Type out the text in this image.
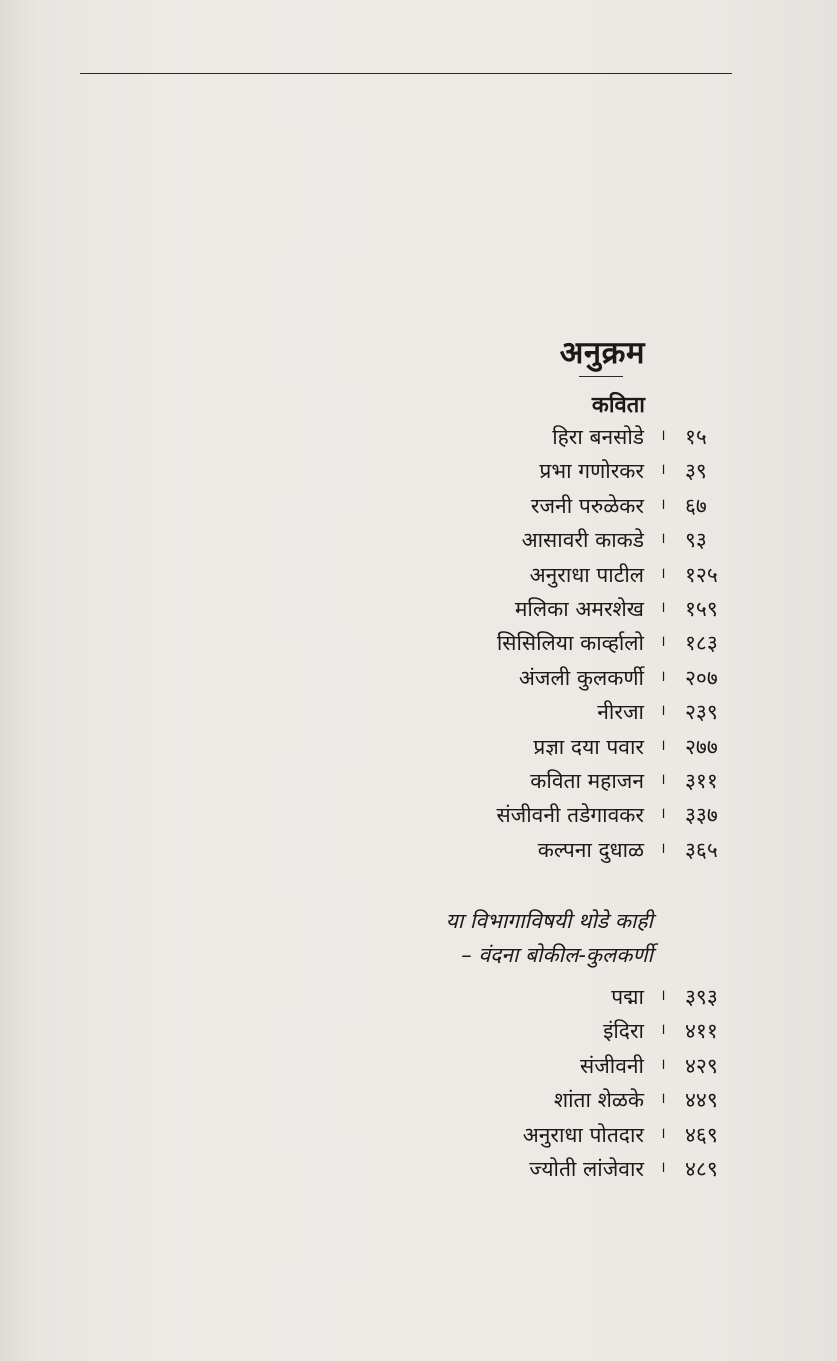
अनुक्रम
कविता
हिरा बनसोडे । १५
प्रभा गणोरकर । ३९
रजनी परुळेकर । ६७
आसावरी काकडे । ९३
अनुराधा पाटील । १२५
मलिका अमरशेख । १५९
सिसिलिया कार्व्हालो । १८३
अंजली कुलकर्णी । २०७
नीरजा । २३९
प्रज्ञा दया पवार । २७७
कविता महाजन । ३११
संजीवनी तडेगावकर । ३३७
कल्पना दुधाळ । ३६५
या विभागाविषयी थोडे काही
– वंदना बोकील-कुलकर्णी
पद्मा । ३९३
इंदिरा । ४११
संजीवनी । ४२९
शांता शेळके । ४४९
अनुराधा पोतदार । ४६९
ज्योती लांजेवार । ४८९
